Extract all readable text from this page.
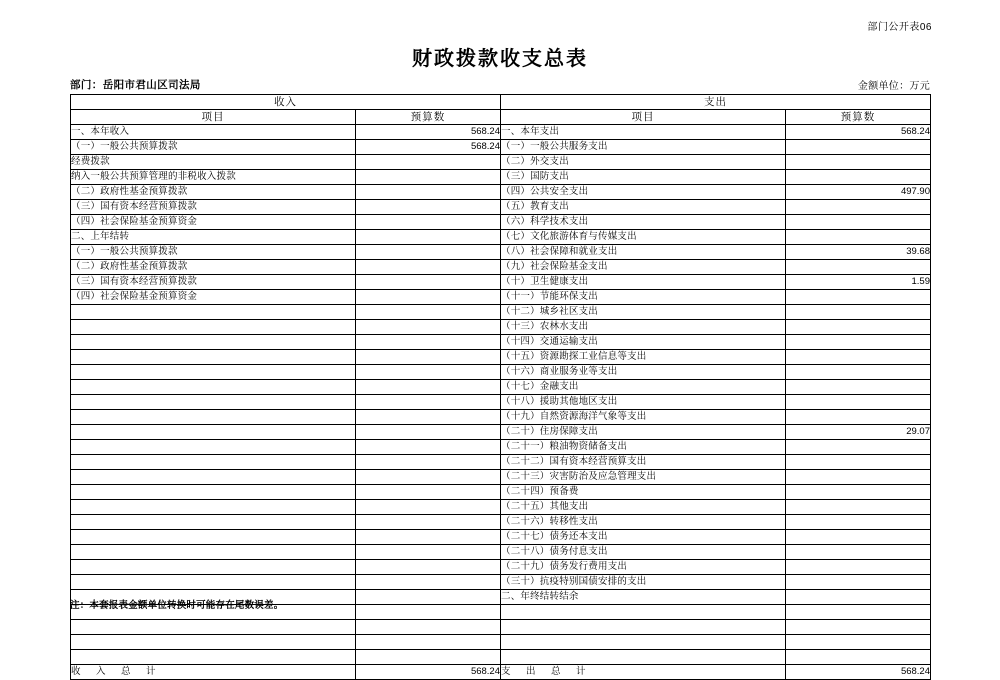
部门公开表06
财政拨款收支总表
部门：岳阳市君山区司法局	金额单位：万元
收入		支出	
项目	预算数	项目	预算数
一、本年收入	568.24	一、本年支出	568.24
（一）一般公共预算拨款	568.24	（一）一般公共服务支出	
经费拨款		（二）外交支出	
纳入一般公共预算管理的非税收入拨款		（三）国防支出	
（二）政府性基金预算拨款		（四）公共安全支出	497.90
（三）国有资本经营预算拨款		（五）教育支出	
（四）社会保险基金预算资金		（六）科学技术支出	
二、上年结转		（七）文化旅游体育与传媒支出	
（一）一般公共预算拨款		（八）社会保障和就业支出	39.68
（二）政府性基金预算拨款		（九）社会保险基金支出	
（三）国有资本经营预算拨款		（十）卫生健康支出	1.59
（四）社会保险基金预算资金		（十一）节能环保支出	
		（十二）城乡社区支出	
		（十三）农林水支出	
		（十四）交通运输支出	
		（十五）资源勘探工业信息等支出	
		（十六）商业服务业等支出	
		（十七）金融支出	
		（十八）援助其他地区支出	
		（十九）自然资源海洋气象等支出	
		（二十）住房保障支出	29.07
		（二十一）粮油物资储备支出	
		（二十二）国有资本经营预算支出	
		（二十三）灾害防治及应急管理支出	
		（二十四）预备费	
		（二十五）其他支出	
		（二十六）转移性支出	
		（二十七）债务还本支出	
		（二十八）债务付息支出	
		（二十九）债务发行费用支出	
		（三十）抗疫特别国债安排的支出	
		二、年终结转结余	

收　入　总　计	568.24	支　出　总　计	568.24
注：本套报表金额单位转换时可能存在尾数误差。
